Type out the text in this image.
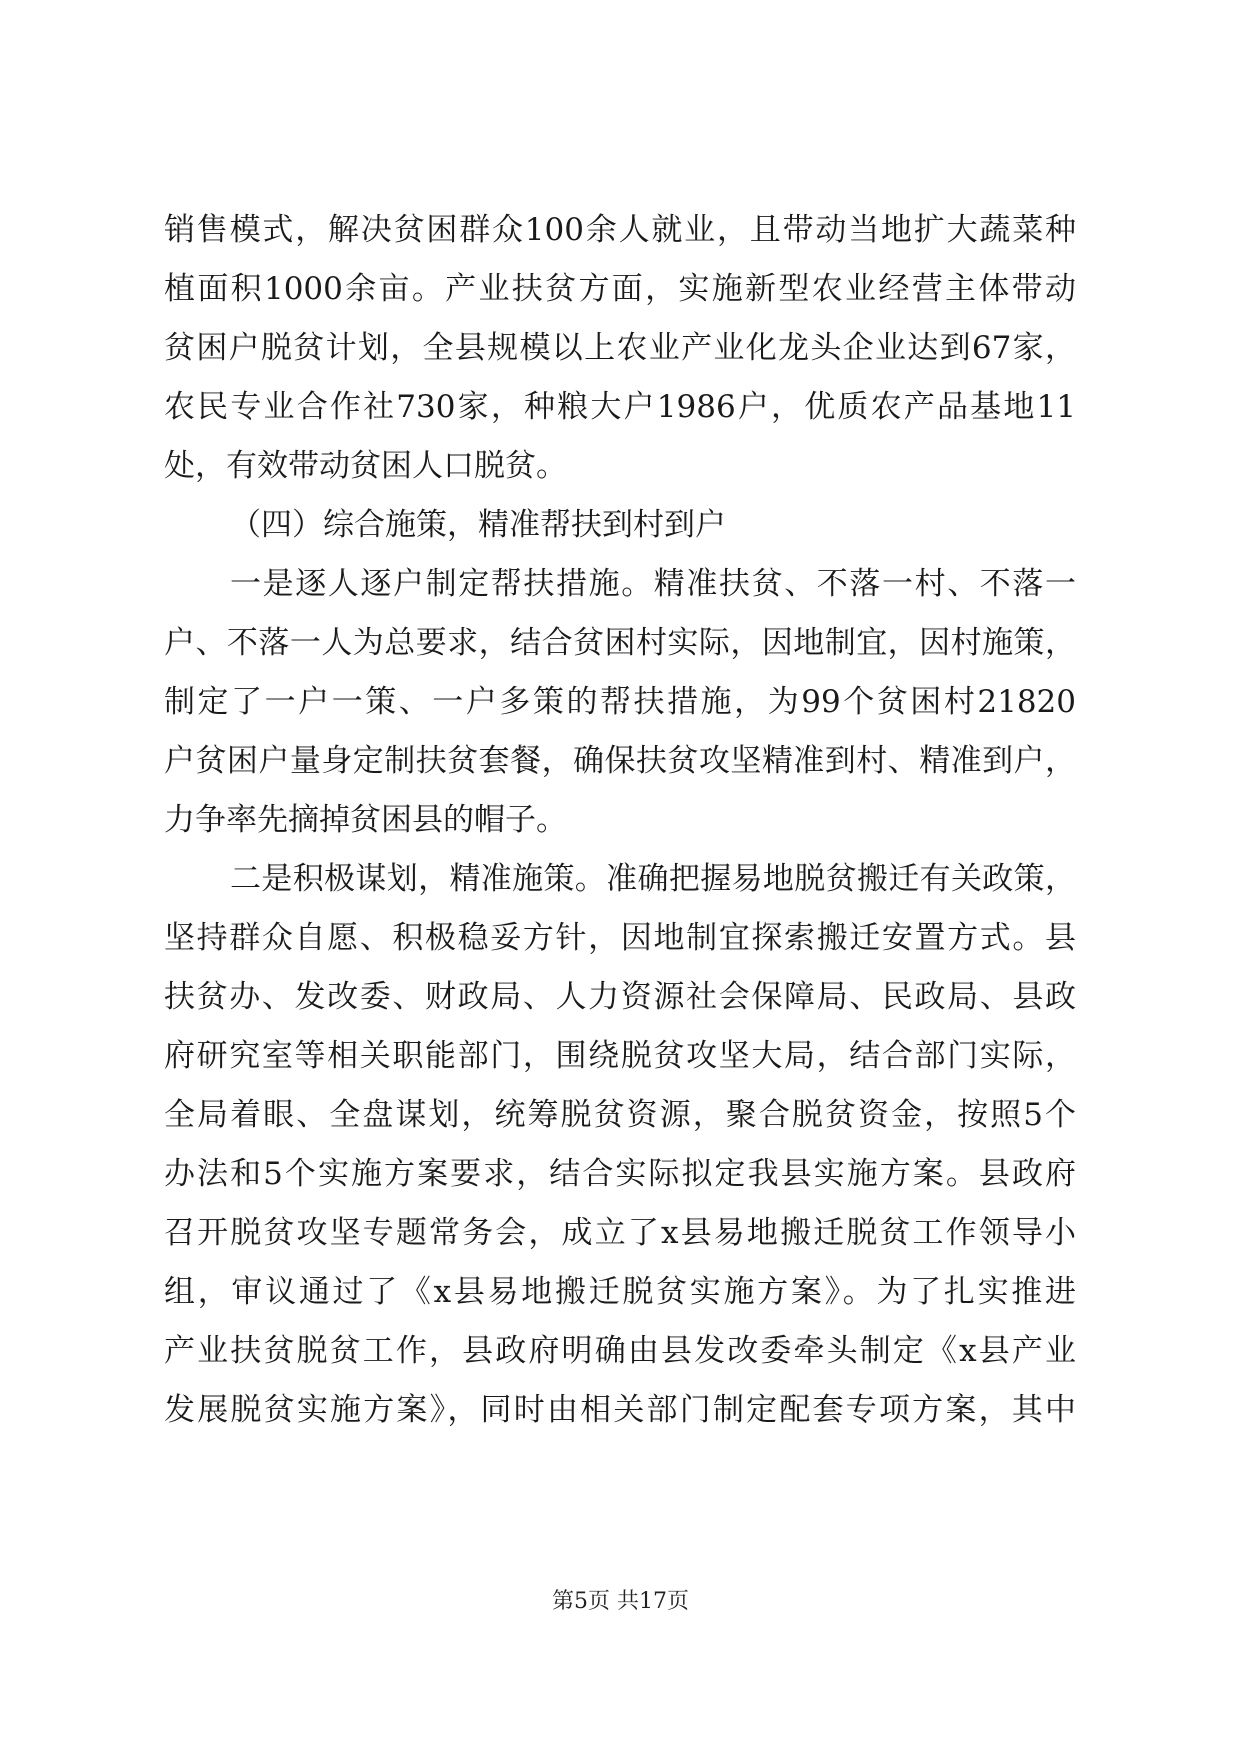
销售模式，解决贫困群众100余人就业，且带动当地扩大蔬菜种
植面积1000余亩。产业扶贫方面，实施新型农业经营主体带动
贫困户脱贫计划，全县规模以上农业产业化龙头企业达到67家，
农民专业合作社730家，种粮大户1986户，优质农产品基地11
处，有效带动贫困人口脱贫。
（四）综合施策，精准帮扶到村到户
一是逐人逐户制定帮扶措施。精准扶贫、不落一村、不落一
户、不落一人为总要求，结合贫困村实际，因地制宜，因村施策，
制定了一户一策、一户多策的帮扶措施，为99个贫困村21820
户贫困户量身定制扶贫套餐，确保扶贫攻坚精准到村、精准到户，
力争率先摘掉贫困县的帽子。
二是积极谋划，精准施策。准确把握易地脱贫搬迁有关政策，
坚持群众自愿、积极稳妥方针，因地制宜探索搬迁安置方式。县
扶贫办、发改委、财政局、人力资源社会保障局、民政局、县政
府研究室等相关职能部门，围绕脱贫攻坚大局，结合部门实际，
全局着眼、全盘谋划，统筹脱贫资源，聚合脱贫资金，按照5个
办法和5个实施方案要求，结合实际拟定我县实施方案。县政府
召开脱贫攻坚专题常务会，成立了x县易地搬迁脱贫工作领导小
组，审议通过了《x县易地搬迁脱贫实施方案》。为了扎实推进
产业扶贫脱贫工作，县政府明确由县发改委牵头制定《x县产业
发展脱贫实施方案》，同时由相关部门制定配套专项方案，其中
第5页 共17页
